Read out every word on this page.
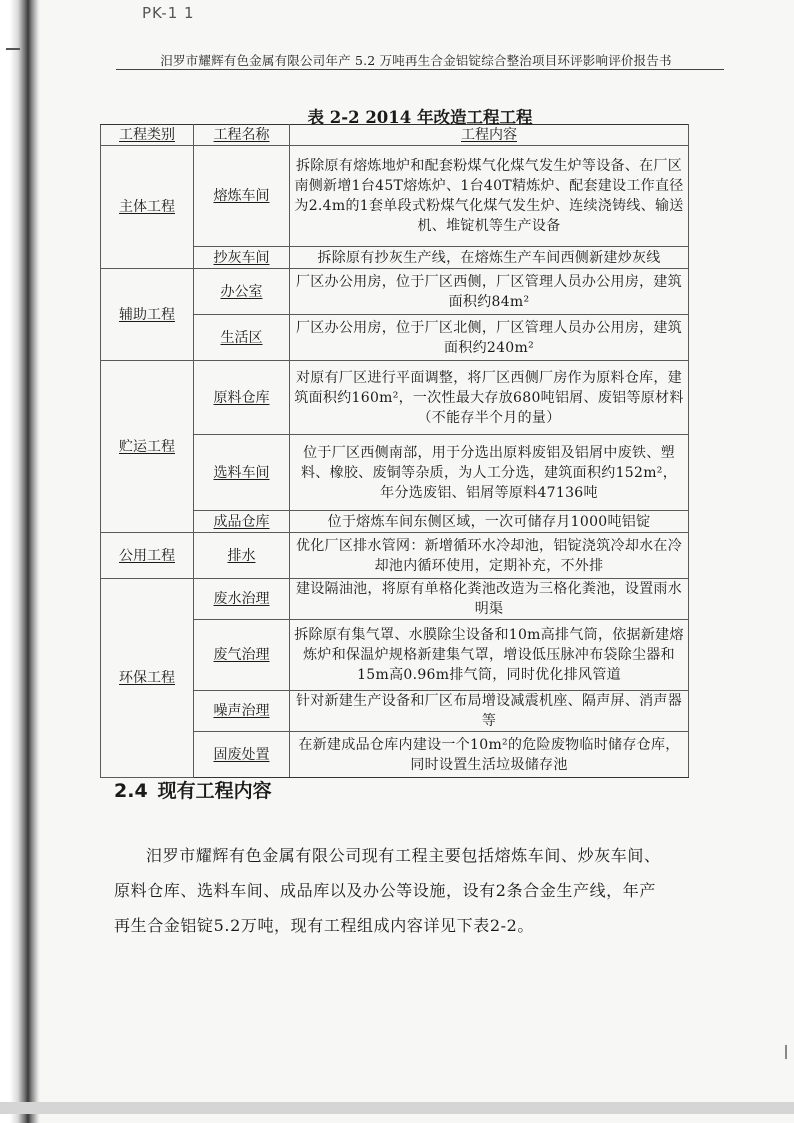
PK-1 1
汨罗市耀辉有色金属有限公司年产 5.2 万吨再生合金铝锭综合整治项目环评影响评价报告书
表 2-2 2014 年改造工程工程
工程类别	工程名称	工程内容
主体工程	熔炼车间	拆除原有熔炼地炉和配套粉煤气化煤气发生炉等设备、在厂区南侧新增1台45T熔炼炉、1台40T精炼炉、配套建设工作直径为2.4m的1套单段式粉煤气化煤气发生炉、连续浇铸线、输送机、堆锭机等生产设备
	抄灰车间	拆除原有抄灰生产线，在熔炼生产车间西侧新建炒灰线
辅助工程	办公室	厂区办公用房，位于厂区西侧，厂区管理人员办公用房，建筑面积约84m²
	生活区	厂区办公用房，位于厂区北侧，厂区管理人员办公用房，建筑面积约240m²
贮运工程	原料仓库	对原有厂区进行平面调整，将厂区西侧厂房作为原料仓库，建筑面积约160m²，一次性最大存放680吨铝屑、废铝等原材料（不能存半个月的量）
	选料车间	位于厂区西侧南部，用于分选出原料废铝及铝屑中废铁、塑料、橡胶、废铜等杂质，为人工分选，建筑面积约152m²，年分选废铝、铝屑等原料47136吨
	成品仓库	位于熔炼车间东侧区域，一次可储存月1000吨铝锭
公用工程	排水	优化厂区排水管网：新增循环水冷却池，铝锭浇筑冷却水在冷却池内循环使用，定期补充，不外排
环保工程	废水治理	建设隔油池，将原有单格化粪池改造为三格化粪池，设置雨水明渠
	废气治理	拆除原有集气罩、水膜除尘设备和10m高排气筒，依据新建熔炼炉和保温炉规格新建集气罩，增设低压脉冲布袋除尘器和15m高0.96m排气筒，同时优化排风管道
	噪声治理	针对新建生产设备和厂区布局增设减震机座、隔声屏、消声器等
	固废处置	在新建成品仓库内建设一个10m²的危险废物临时储存仓库，同时设置生活垃圾储存池
2.4 现有工程内容

汨罗市耀辉有色金属有限公司现有工程主要包括熔炼车间、炒灰车间、原料仓库、选料车间、成品库以及办公等设施，设有2条合金生产线，年产再生合金铝锭5.2万吨，现有工程组成内容详见下表2-2。
